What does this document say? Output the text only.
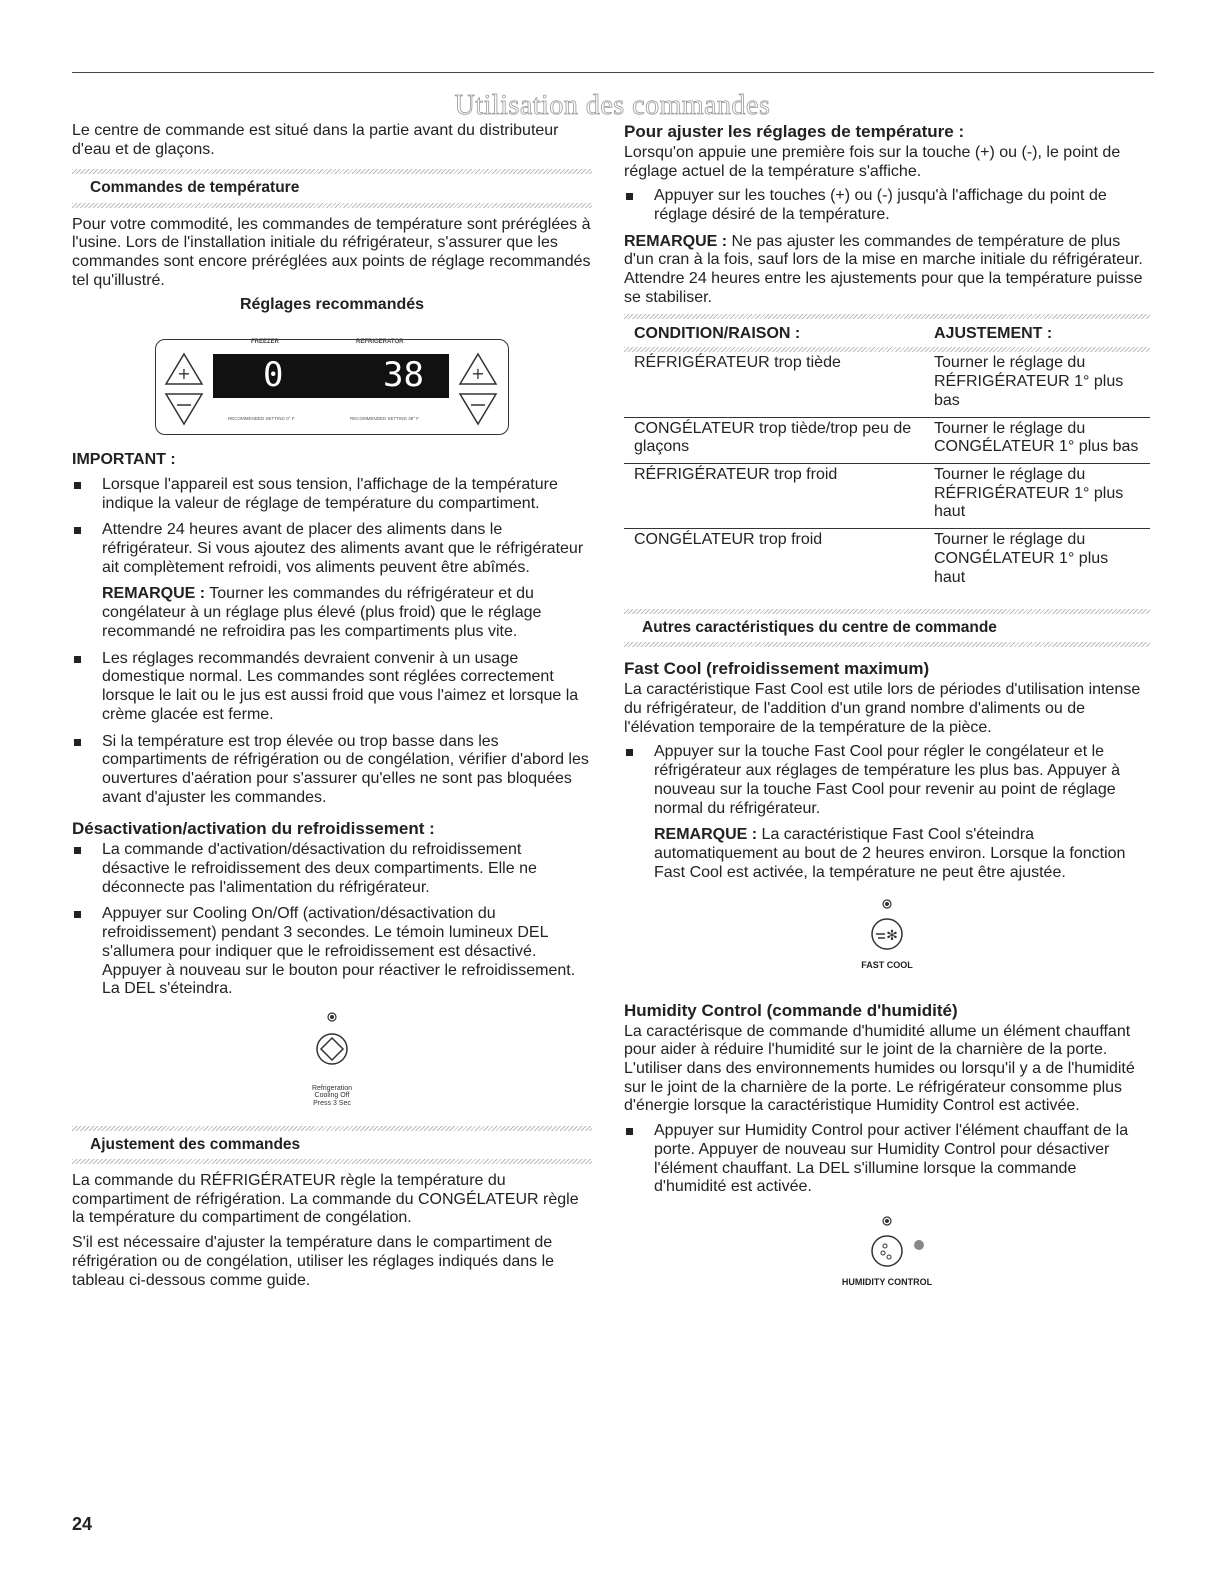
Utilisation des commandes

Le centre de commande est situé dans la partie avant du distributeur d'eau et de glaçons.

Commandes de température

Pour votre commodité, les commandes de température sont préréglées à l'usine. Lors de l'installation initiale du réfrigérateur, s'assurer que les commandes sont encore préréglées aux points de réglage recommandés tel qu'illustré.

Réglages recommandés
+	+
FREEZER	REFRIGERATOR
0	38
RECOMMENDED SETTING 0° F	RECOMMENDED SETTING 38° F
IMPORTANT :
Lorsque l'appareil est sous tension, l'affichage de la température indique la valeur de réglage de température du compartiment.
Attendre 24 heures avant de placer des aliments dans le réfrigérateur. Si vous ajoutez des aliments avant que le réfrigérateur ait complètement refroidi, vos aliments peuvent être abîmés.

REMARQUE : Tourner les commandes du réfrigérateur et du congélateur à un réglage plus élevé (plus froid) que le réglage recommandé ne refroidira pas les compartiments plus vite.

Les réglages recommandés devraient convenir à un usage domestique normal. Les commandes sont réglées correctement lorsque le lait ou le jus est aussi froid que vous l'aimez et lorsque la crème glacée est ferme.
Si la température est trop élevée ou trop basse dans les compartiments de réfrigération ou de congélation, vérifier d'abord les ouvertures d'aération pour s'assurer qu'elles ne sont pas bloquées avant d'ajuster les commandes.
Désactivation/activation du refroidissement :
La commande d'activation/désactivation du refroidissement désactive le refroidissement des deux compartiments. Elle ne déconnecte pas l'alimentation du réfrigérateur.
Appuyer sur Cooling On/Off (activation/désactivation du refroidissement) pendant 3 secondes. Le témoin lumineux DEL s'allumera pour indiquer que le refroidissement est désactivé. Appuyer à nouveau sur le bouton pour réactiver le refroidissement. La DEL s'éteindra.
Refrigeration
Cooling Off
Press 3 Sec
Ajustement des commandes

La commande du RÉFRIGÉRATEUR règle la température du compartiment de réfrigération. La commande du CONGÉLATEUR règle la température du compartiment de congélation.

S'il est nécessaire d'ajuster la température dans le compartiment de réfrigération ou de congélation, utiliser les réglages indiqués dans le tableau ci-dessous comme guide.

Pour ajuster les réglages de température :

Lorsqu'on appuie une première fois sur la touche (+) ou (-), le point de réglage actuel de la température s'affiche.

Appuyer sur les touches (+) ou (-) jusqu'à l'affichage du point de réglage désiré de la température.

REMARQUE : Ne pas ajuster les commandes de température de plus d'un cran à la fois, sauf lors de la mise en marche initiale du réfrigérateur. Attendre 24 heures entre les ajustements pour que la température puisse se stabiliser.

CONDITION/RAISON :	AJUSTEMENT :

RÉFRIGÉRATEUR trop tiède	Tourner le réglage du RÉFRIGÉRATEUR 1° plus bas
CONGÉLATEUR trop tiède/trop peu de glaçons	Tourner le réglage du CONGÉLATEUR 1° plus bas
RÉFRIGÉRATEUR trop froid	Tourner le réglage du RÉFRIGÉRATEUR 1° plus haut
CONGÉLATEUR trop froid	Tourner le réglage du CONGÉLATEUR 1° plus haut
Autres caractéristiques du centre de commande
Fast Cool (refroidissement maximum)

La caractéristique Fast Cool est utile lors de périodes d'utilisation intense du réfrigérateur, de l'addition d'un grand nombre d'aliments ou de l'élévation temporaire de la température de la pièce.

Appuyer sur la touche Fast Cool pour régler le congélateur et le réfrigérateur aux réglages de température les plus bas. Appuyer à nouveau sur la touche Fast Cool pour revenir au point de réglage normal du réfrigérateur.

REMARQUE : La caractéristique Fast Cool s'éteindra automatiquement au bout de 2 heures environ. Lorsque la fonction Fast Cool est activée, la température ne peut être ajustée.

✻
FAST COOL
Humidity Control (commande d'humidité)

La caractérisque de commande d'humidité allume un élément chauffant pour aider à réduire l'humidité sur le joint de la charnière de la porte. L'utiliser dans des environnements humides ou lorsqu'il y a de l'humidité sur le joint de la charnière de la porte. Le réfrigérateur consomme plus d'énergie lorsque la caractéristique Humidity Control est activée.

Appuyer sur Humidity Control pour activer l'élément chauffant de la porte. Appuyer de nouveau sur Humidity Control pour désactiver l'élément chauffant. La DEL s'illumine lorsque la commande d'humidité est activée.
HUMIDITY CONTROL
24
